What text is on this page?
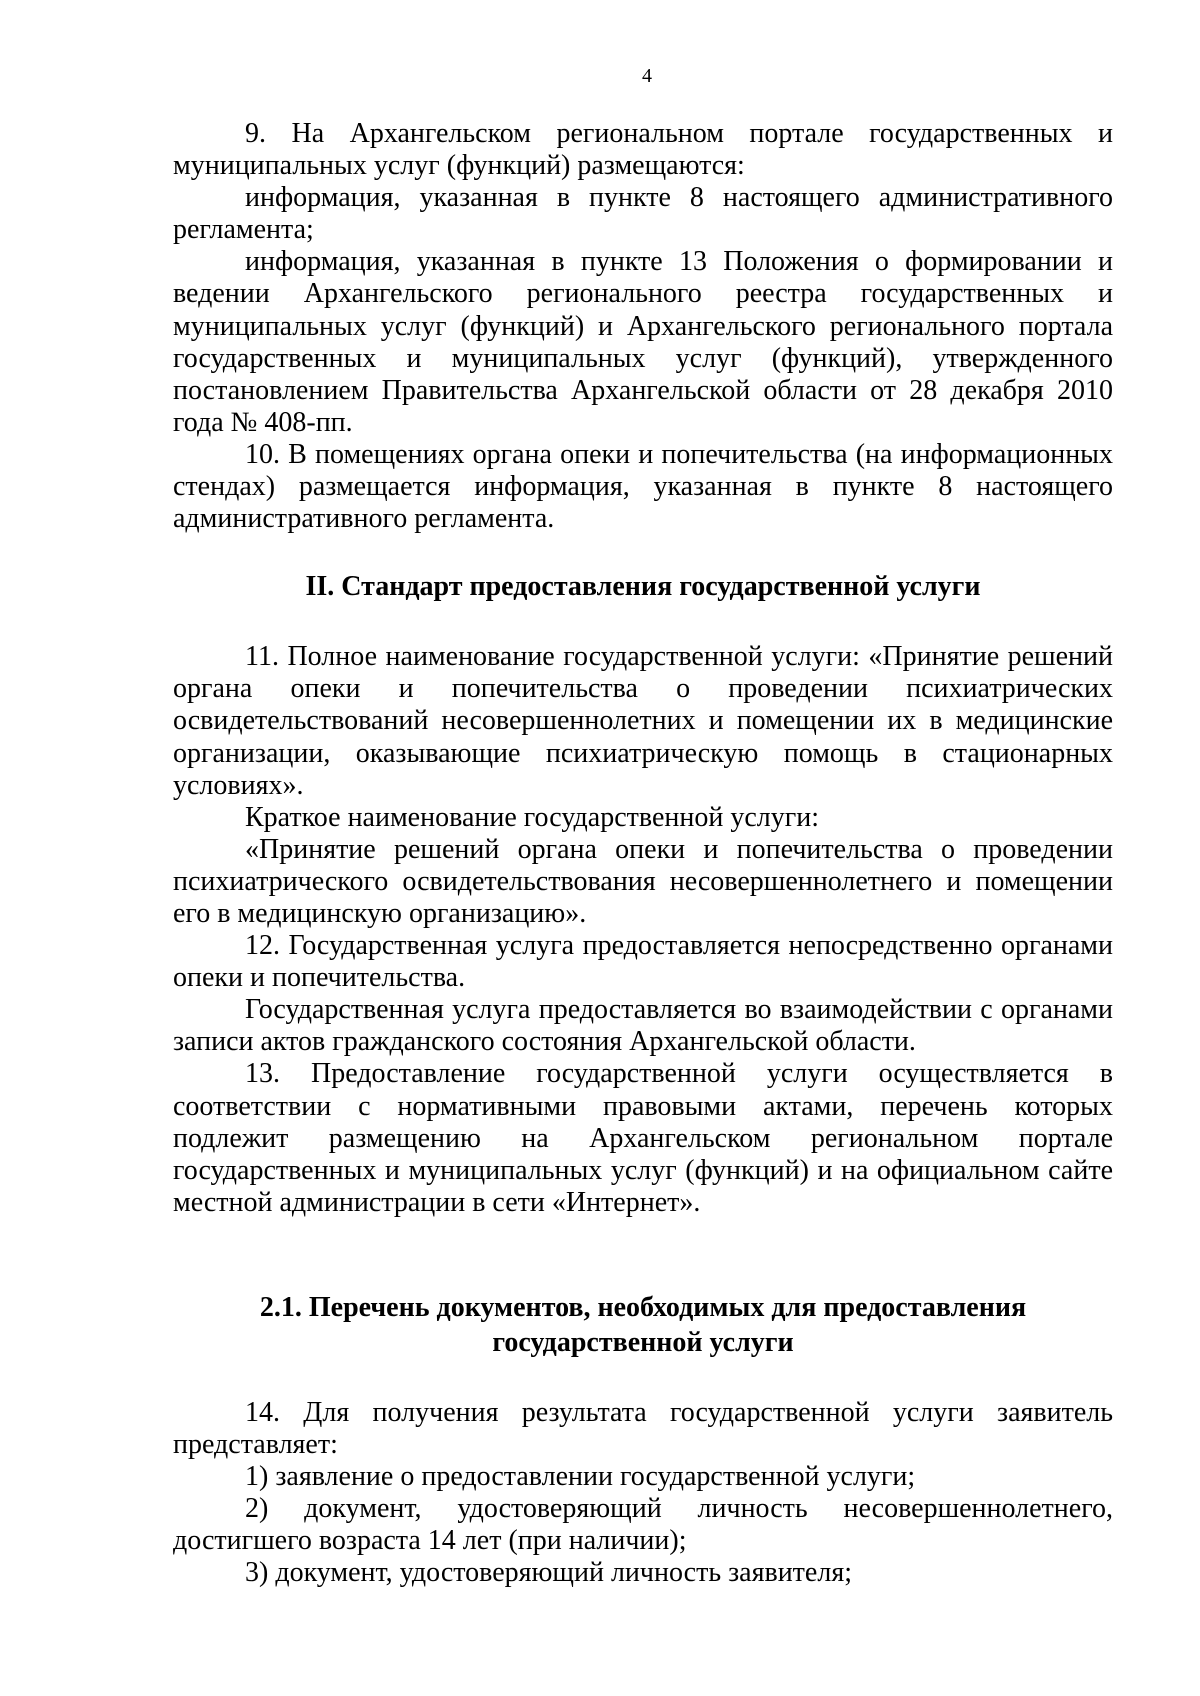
4

9. На Архангельском региональном портале государственных и муниципальных услуг (функций) размещаются:

информация, указанная в пункте 8 настоящего административного регламента;

информация, указанная в пункте 13 Положения о формировании и ведении Архангельского регионального реестра государственных и муниципальных услуг (функций) и Архангельского регионального портала государственных и муниципальных услуг (функций), утвержденного постановлением Правительства Архангельской области от 28 декабря 2010 года № 408-пп.

10. В помещениях органа опеки и попечительства (на информационных стендах) размещается информация, указанная в пункте 8 настоящего административного регламента.

II. Стандарт предоставления государственной услуги

11. Полное наименование государственной услуги: «Принятие решений органа опеки и попечительства о проведении психиатрических освидетельствований несовершеннолетних и помещении их в медицинские организации, оказывающие психиатрическую помощь в стационарных условиях».

Краткое наименование государственной услуги:

«Принятие решений органа опеки и попечительства о проведении психиатрического освидетельствования несовершеннолетнего и помещении его в медицинскую организацию».

12. Государственная услуга предоставляется непосредственно органами опеки и попечительства.

Государственная услуга предоставляется во взаимодействии с органами записи актов гражданского состояния Архангельской области.

13. Предоставление государственной услуги осуществляется в соответствии с нормативными правовыми актами, перечень которых подлежит размещению на Архангельском региональном портале государственных и муниципальных услуг (функций) и на официальном сайте местной администрации в сети «Интернет».

2.1. Перечень документов, необходимых для предоставления
государственной услуги

14. Для получения результата государственной услуги заявитель представляет:

1) заявление о предоставлении государственной услуги;

2) документ, удостоверяющий личность несовершеннолетнего, достигшего возраста 14 лет (при наличии);

3) документ, удостоверяющий личность заявителя;
